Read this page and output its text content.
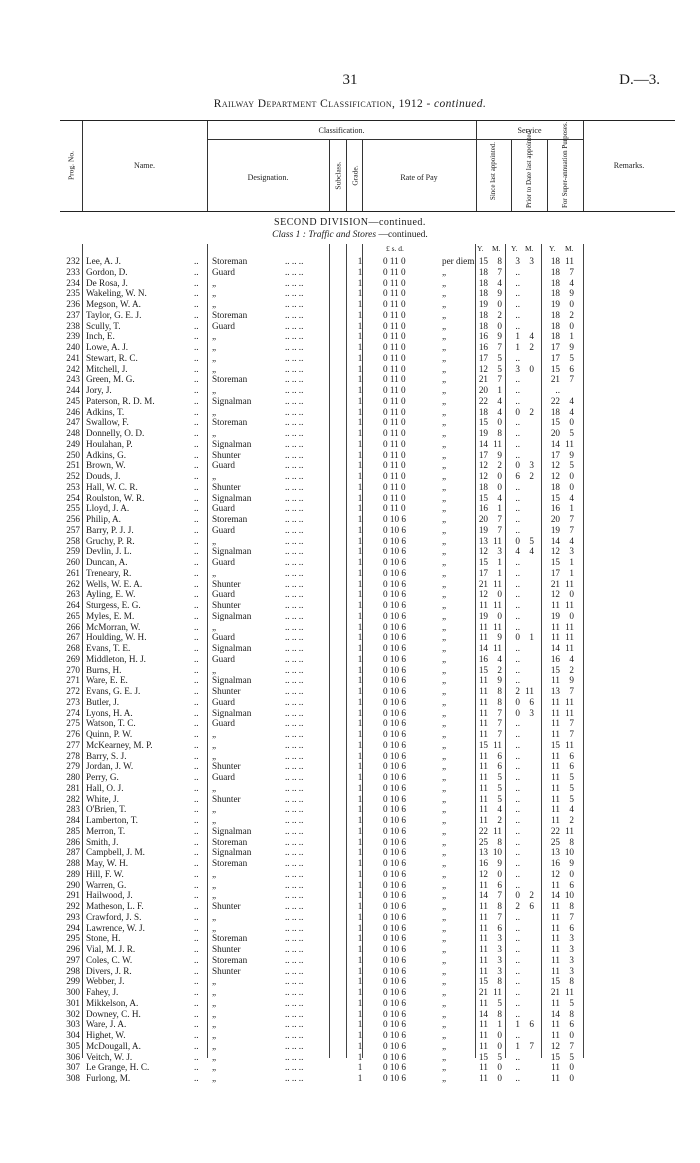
31	D.—3.
Railway Department Classification, 1912 - continued.
Prog. No.	Name.
Classification.
Designation.	Subclass. Grade.	Rate of Pay
Service
Since last appointed.	Prior to Date last appointed.	For Super-annuation Purposes.	Remarks.
SECOND DIVISION—continued.
Class 1 : Traffic and Stores —continued.
£ s. d.	Y. M. Y. M. Y. M.
232 Lee, A. J.	.. Storeman	.. .. ..	1 0 11 0	per diem 15	8	3	3	18 11
233 Gordon, D.	.. Guard	.. .. ..	1 0 11 0	„	18	7	..	18	7
234 De Rosa, J.	.. „	.. .. ..	1 0 11 0	„	18	4	..	18	4
235 Wakeling, W. N.	.. „	.. .. ..	1 0 11 0	„	18	9	..	18	9
236 Megson, W. A.	.. „	.. .. ..	1 0 11 0	„	19	0	..	19	0
237 Taylor, G. E. J.	.. Storeman	.. .. ..	1 0 11 0	„	18	2	..	18	2
238 Scully, T.	.. Guard	.. .. ..	1 0 11 0	„	18	0	..	18	0
239 Inch, E.	.. „	.. .. ..	1 0 11 0	„	16	9	1	4	18	1
240 Lowe, A. J.	.. „	.. .. ..	1 0 11 0	„	16	7	1	2	17	9
241 Stewart, R. C.	.. „	.. .. ..	1 0 11 0	„	17	5	..	17	5
242 Mitchell, J.	.. „	.. .. ..	1 0 11 0	„	12	5	3	0	15	6
243 Green, M. G.	.. Storeman	.. .. ..	1 0 11 0	„	21	7	..	21	7
244 Jory, J.	.. „	.. .. ..	1 0 11 0	„	20	1	..	..
245 Paterson, R. D. M.	.. Signalman	.. .. ..	1 0 11 0	„	22	4	..	22	4
246 Adkins, T.	.. „	.. .. ..	1 0 11 0	„	18	4	0	2	18	4
247 Swallow, F.	.. Storeman	.. .. ..	1 0 11 0	„	15	0	..	15	0
248 Donnelly, O. D.	.. „	.. .. ..	1 0 11 0	„	19	8	..	20	5
249 Houlahan, P.	.. Signalman	.. .. ..	1 0 11 0	„	14 11	..	14 11
250 Adkins, G.	.. Shunter	.. .. ..	1 0 11 0	„	17	9	..	17	9
251 Brown, W.	.. Guard	.. .. ..	1 0 11 0	„	12	2	0	3	12	5
252 Douds, J.	.. „	.. .. ..	1 0 11 0	„	12	0	6	2	12	0
253 Hall, W. C. R.	.. Shunter	.. .. ..	1 0 11 0	„	18	0	..	18	0
254 Roulston, W. R.	.. Signalman	.. .. ..	1 0 11 0	„	15	4	..	15	4
255 Lloyd, J. A.	.. Guard	.. .. ..	1 0 11 0	„	16	1	..	16	1
256 Philip, A.	.. Storeman	.. .. ..	1 0 10 6	„	20	7	..	20	7
257 Barry, P. J. J.	.. Guard	.. .. ..	1 0 10 6	„	19	7	..	19	7
258 Gruchy, P. R.	.. „	.. .. ..	1 0 10 6	„	13 11	0	5	14	4
259 Devlin, J. L.	.. Signalman	.. .. ..	1 0 10 6	„	12	3	4	4	12	3
260 Duncan, A.	.. Guard	.. .. ..	1 0 10 6	„	15	1	..	15	1
261 Treneary, R.	.. „	.. .. ..	1 0 10 6	„	17	1	..	17	1
262 Wells, W. E. A.	.. Shunter	.. .. ..	1 0 10 6	„	21 11	..	21 11
263 Ayling, E. W.	.. Guard	.. .. ..	1 0 10 6	„	12	0	..	12	0
264 Sturgess, E. G.	.. Shunter	.. .. ..	1 0 10 6	„	11 11	..	11 11
265 Myles, E. M.	.. Signalman	.. .. ..	1 0 10 6	„	19	0	..	19	0
266 McMorran, W.	.. „	.. .. ..	1 0 10 6	„	11 11	..	11 11
267 Houlding, W. H.	.. Guard	.. .. ..	1 0 10 6	„	11	9	0	1	11 11
268 Evans, T. E.	.. Signalman	.. .. ..	1 0 10 6	„	14 11	..	14 11
269 Middleton, H. J.	.. Guard	.. .. ..	1 0 10 6	„	16	4	..	16	4
270 Burns, H.	.. „	.. .. ..	1 0 10 6	„	15	2	..	15	2
271 Ware, E. E.	.. Signalman	.. .. ..	1 0 10 6	„	11	9	..	11	9
272 Evans, G. E. J.	.. Shunter	.. .. ..	1 0 10 6	„	11	8	2 11	13	7
273 Butler, J.	.. Guard	.. .. ..	1 0 10 6	„	11	8	0	6	11 11
274 Lyons, H. A.	.. Signalman	.. .. ..	1 0 10 6	„	11	7	0	3	11 11
275 Watson, T. C.	.. Guard	.. .. ..	1 0 10 6	„	11	7	..	11	7
276 Quinn, P. W.	.. „	.. .. ..	1 0 10 6	„	11	7	..	11	7
277 McKearney, M. P.	.. „	.. .. ..	1 0 10 6	„	15 11	..	15 11
278 Barry, S. J.	.. „	.. .. ..	1 0 10 6	„	11	6	..	11	6
279 Jordan, J. W.	.. Shunter	.. .. ..	1 0 10 6	„	11	6	..	11	6
280 Perry, G.	.. Guard	.. .. ..	1 0 10 6	„	11	5	..	11	5
281 Hall, O. J.	.. „	.. .. ..	1 0 10 6	„	11	5	..	11	5
282 White, J.	.. Shunter	.. .. ..	1 0 10 6	„	11	5	..	11	5
283 O'Brien, T.	.. „	.. .. ..	1 0 10 6	„	11	4	..	11	4
284 Lamberton, T.	.. „	.. .. ..	1 0 10 6	„	11	2	..	11	2
285 Merron, T.	.. Signalman	.. .. ..	1 0 10 6	„	22 11	..	22 11
286 Smith, J.	.. Storeman	.. .. ..	1 0 10 6	„	25	8	..	25	8
287 Campbell, J. M.	.. Signalman	.. .. ..	1 0 10 6	„	13 10	..	13 10
288 May, W. H.	.. Storeman	.. .. ..	1 0 10 6	„	16	9	..	16	9
289 Hill, F. W.	.. „	.. .. ..	1 0 10 6	„	12	0	..	12	0
290 Warren, G.	.. „	.. .. ..	1 0 10 6	„	11	6	..	11	6
291 Hailwood, J.	.. „	.. .. ..	1 0 10 6	„	14	7	0	2	14 10
292 Matheson, L. F.	.. Shunter	.. .. ..	1 0 10 6	„	11	8	2	6	11	8
293 Crawford, J. S.	.. „	.. .. ..	1 0 10 6	„	11	7	..	11	7
294 Lawrence, W. J.	.. „	.. .. ..	1 0 10 6	„	11	6	..	11	6
295 Stone, H.	.. Storeman	.. .. ..	1 0 10 6	„	11	3	..	11	3
296 Vial, M. J. R.	.. Shunter	.. .. ..	1 0 10 6	„	11	3	..	11	3
297 Coles, C. W.	.. Storeman	.. .. ..	1 0 10 6	„	11	3	..	11	3
298 Divers, J. R.	.. Shunter	.. .. ..	1 0 10 6	„	11	3	..	11	3
299 Webber, J.	.. „	.. .. ..	1 0 10 6	„	15	8	..	15	8
300 Fahey, J.	.. „	.. .. ..	1 0 10 6	„	21 11	..	21 11
301 Mikkelson, A.	.. „	.. .. ..	1 0 10 6	„	11	5	..	11	5
302 Downey, C. H.	.. „	.. .. ..	1 0 10 6	„	14	8	..	14	8
303 Ware, J. A.	.. „	.. .. ..	1 0 10 6	„	11	1	1	6	11	6
304 Highet, W.	.. „	.. .. ..	1 0 10 6	„	11	0	..	11	0
305 McDougall, A.	.. „	.. .. ..	1 0 10 6	„	11	0	1	7	12	7
306 Veitch, W. J.	.. „	.. .. ..	1 0 10 6	„	15	5	..	15	5
307 Le Grange, H. C.	.. „	.. .. ..	1 0 10 6	„	11	0	..	11	0
308 Furlong, M.	.. „	.. .. ..	1 0 10 6	„	11	0	..	11	0
